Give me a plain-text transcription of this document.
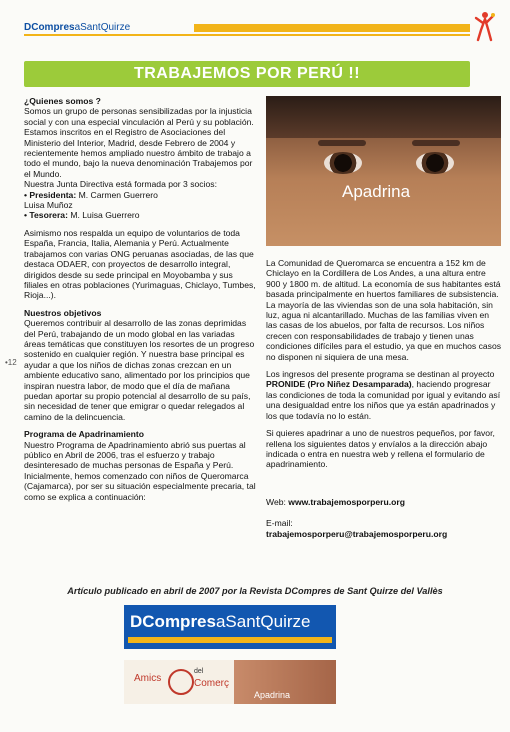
DCompresaSantQuirze
TRABAJEMOS POR PERÚ !!
•12

¿Quienes somos ?
Somos un grupo de personas sensibilizadas por la injusticia social y con una especial vinculación al Perú y su población.
Estamos inscritos en el Registro de Asociaciones del Ministerio del Interior, Madrid, desde Febrero de 2004 y recientemente hemos ampliado nuestro ámbito de trabajo a todo el mundo, bajo la nueva denominación Trabajemos por el Mundo.
Nuestra Junta Directiva está formada por 3 socios:
• Presidenta: M. Carmen Guerrero
Luisa Muñoz
• Tesorera: M. Luisa Guerrero

Asimismo nos respalda un equipo de voluntarios de toda España, Francia, Italia, Alemania y Perú. Actualmente trabajamos con varias ONG peruanas asociadas, de las que destaca ODAER, con proyectos de desarrollo integral, dirigidos desde su sede principal en Moyobamba y sus filiales en otras poblaciones (Yurimaguas, Chiclayo, Tumbes, Rioja...).

Nuestros objetivos
Queremos contribuir al desarrollo de las zonas deprimidas del Perú, trabajando de un modo global en las variadas áreas temáticas que constituyen los resortes de un progreso sostenido en cualquier región. Y nuestra base principal es ayudar a que los niños de dichas zonas crezcan en un ambiente educativo sano, alimentado por los principios que inspiran nuestra labor, de modo que el día de mañana puedan aportar su propio potencial al desarrollo de su país, sin necesidad de tener que emigrar o quedar relegados al camino de la delincuencia.

Programa de Apadrinamiento
Nuestro Programa de Apadrinamiento abrió sus puertas al público en Abril de 2006, tras el esfuerzo y trabajo desinteresado de muchas personas de España y Perú. Inicialmente, hemos comenzado con niños de Queromarca (Cajamarca), por ser su situación especialmente precaria, tal como se explica a continuación:

Apadrina

La Comunidad de Queromarca se encuentra a 152 km de Chiclayo en la Cordillera de Los Andes, a una altura entre 900 y 1800 m. de altitud. La economía de sus habitantes está basada principalmente en huertos familiares de subsistencia. La mayoría de las viviendas son de una sola habitación, sin luz, agua ni alcantarillado. Muchas de las familias viven en las casas de los abuelos, por falta de recursos. Los niños crecen con responsabilidades de trabajo y tienen unas condiciones difíciles para el estudio, ya que en muchos casos no disponen ni siquiera de una mesa.

Los ingresos del presente programa se destinan al proyecto PRONIDE (Pro Niñez Desamparada), haciendo progresar las condiciones de toda la comunidad por igual y evitando así una desigualdad entre los niños que ya están apadrinados y los que todavía no lo están.

Si quieres apadrinar a uno de nuestros pequeños, por favor, rellena los siguientes datos y envíalos a la dirección abajo indicada o entra en nuestra web y rellena el formulario de apadrinamiento.

Web: www.trabajemosporperu.org
E-mail:
trabajemosporperu@trabajemosporperu.org
Artículo publicado en abril de 2007 por la Revista DCompres de Sant Quirze del Vallès
DCompresaSantQuirze
Amics
del
Comerç
Apadrina
